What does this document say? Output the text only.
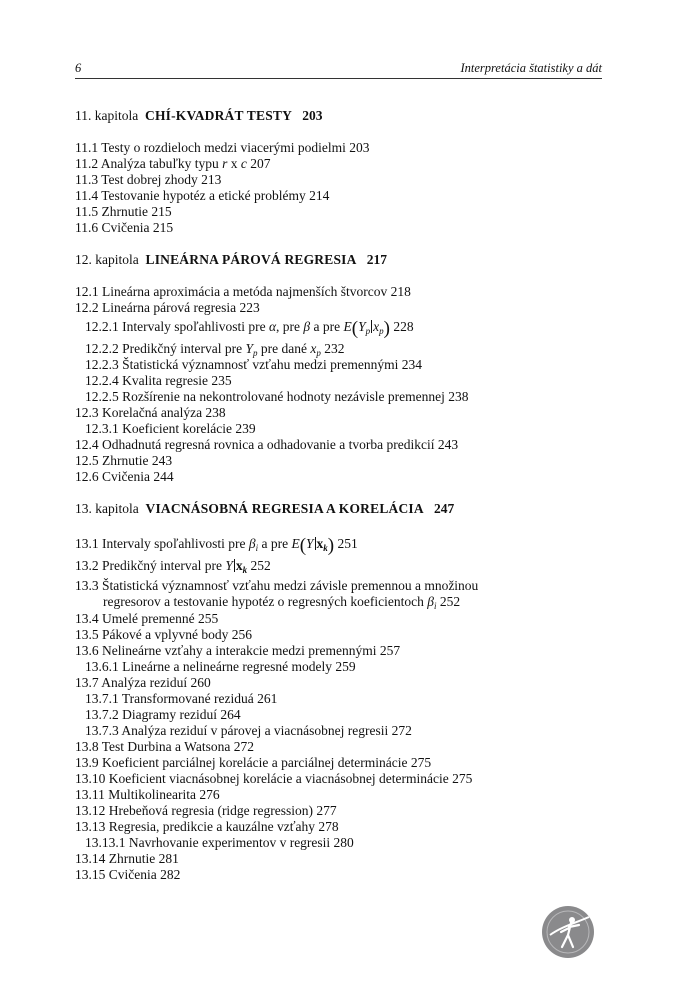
6	Interpretácia štatistiky a dát
11. kapitola CHÍ-KVADRÁT TESTY 203
11.1 Testy o rozdieloch medzi viacerými podielmi 203
11.2 Analýza tabuľky typu r x c 207
11.3 Test dobrej zhody 213
11.4 Testovanie hypotéz a etické problémy 214
11.5 Zhrnutie 215
11.6 Cvičenia 215
12. kapitola LINEÁRNA PÁROVÁ REGRESIA 217
12.1 Lineárna aproximácia a metóda najmenších štvorcov 218
12.2 Lineárna párová regresia 223
12.2.1 Intervaly spoľahlivosti pre α, pre β a pre $E(Y_p$ $x_p$) 228
12.2.2 Predikčný interval pre $Y_p$ pre dané $x_p$ 232
12.2.3 Štatistická významnosť vzťahu medzi premennými 234
12.2.4 Kvalita regresie 235
12.2.5 Rozšírenie na nekontrolované hodnoty nezávisle premennej 238
12.3 Korelačná analýza 238
12.3.1 Koeficient korelácie 239
12.4 Odhadnutá regresná rovnica a odhadovanie a tvorba predikcií 243
12.5 Zhrnutie 243
12.6 Cvičenia 244
13. kapitola VIACNÁSOBNÁ REGRESIA A KORELÁCIA 247
13.1 Intervaly spoľahlivosti pre $\beta_i$ a pre E(Y $x_k$) 251
13.2 Predikčný interval pre Y $x_k$ 252
13.3 Štatistická významnosť vzťahu medzi závisle premennou a množinou
regresorov a testovanie hypotéz o regresných koeficientoch $\beta_i$ 252
13.4 Umelé premenné 255
13.5 Pákové a vplyvné body 256
13.6 Nelineárne vzťahy a interakcie medzi premennými 257
13.6.1 Lineárne a nelineárne regresné modely 259
13.7 Analýza reziduí 260
13.7.1 Transformované reziduá 261
13.7.2 Diagramy reziduí 264
13.7.3 Analýza reziduí v párovej a viacnásobnej regresii 272
13.8 Test Durbina a Watsona 272
13.9 Koeficient parciálnej korelácie a parciálnej determinácie 275
13.10 Koeficient viacnásobnej korelácie a viacnásobnej determinácie 275
13.11 Multikolinearita 276
13.12 Hrebeňová regresia (ridge regression) 277
13.13 Regresia, predikcie a kauzálne vzťahy 278
13.13.1 Navrhovanie experimentov v regresii 280
13.14 Zhrnutie 281
13.15 Cvičenia 282
